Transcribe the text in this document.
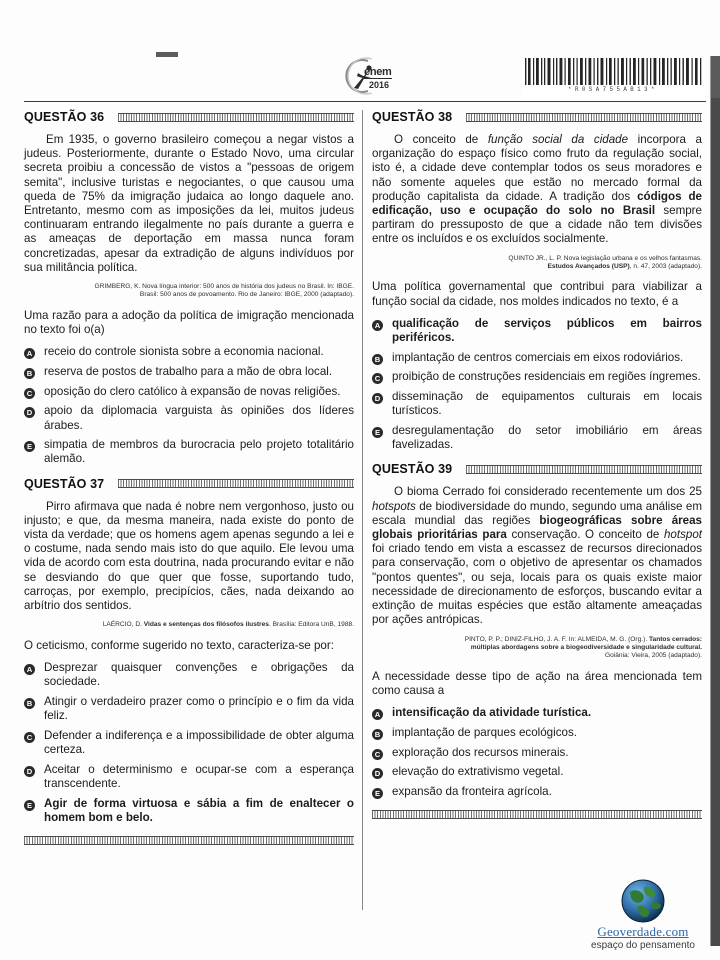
enem
2016	*R0SA755AB13*
QUESTÃO 36

Em 1935, o governo brasileiro começou a negar vistos a judeus. Posteriormente, durante o Estado Novo, uma circular secreta proibiu a concessão de vistos a "pessoas de origem semita", inclusive turistas e negociantes, o que causou uma queda de 75% da imigração judaica ao longo daquele ano. Entretanto, mesmo com as imposições da lei, muitos judeus continuaram entrando ilegalmente no país durante a guerra e as ameaças de deportação em massa nunca foram concretizadas, apesar da extradição de alguns indivíduos por sua militância política.

GRIMBERG, K. Nova língua interior: 500 anos de história dos judeus no Brasil. In: IBGE.
Brasil: 500 anos de povoamento. Rio de Janeiro: IBGE, 2000 (adaptado).

Uma razão para a adoção da política de imigração mencionada no texto foi o(a)

A	receio do controle sionista sobre a economia nacional.
B	reserva de postos de trabalho para a mão de obra local.
C	oposição do clero católico à expansão de novas religiões.
D	apoio da diplomacia varguista às opiniões dos líderes árabes.
E	simpatia de membros da burocracia pelo projeto totalitário alemão.
QUESTÃO 37

Pirro afirmava que nada é nobre nem vergonhoso, justo ou injusto; e que, da mesma maneira, nada existe do ponto de vista da verdade; que os homens agem apenas segundo a lei e o costume, nada sendo mais isto do que aquilo. Ele levou uma vida de acordo com esta doutrina, nada procurando evitar e não se desviando do que quer que fosse, suportando tudo, carroças, por exemplo, precipícios, cães, nada deixando ao arbítrio dos sentidos.

LAÉRCIO, D. Vidas e sentenças dos filósofos ilustres. Brasília: Editora UnB, 1988.

O ceticismo, conforme sugerido no texto, caracteriza-se por:

A	Desprezar quaisquer convenções e obrigações da sociedade.
B	Atingir o verdadeiro prazer como o princípio e o fim da vida feliz.
C	Defender a indiferença e a impossibilidade de obter alguma certeza.
D	Aceitar o determinismo e ocupar-se com a esperança transcendente.
E	Agir de forma virtuosa e sábia a fim de enaltecer o homem bom e belo.
QUESTÃO 38

O conceito de função social da cidade incorpora a organização do espaço físico como fruto da regulação social, isto é, a cidade deve contemplar todos os seus moradores e não somente aqueles que estão no mercado formal da produção capitalista da cidade. A tradição dos códigos de edificação, uso e ocupação do solo no Brasil sempre partiram do pressuposto de que a cidade não tem divisões entre os incluídos e os excluídos socialmente.

QUINTO JR., L. P. Nova legislação urbana e os velhos fantasmas.
Estudos Avançados (USP), n. 47, 2003 (adaptado).

Uma política governamental que contribui para viabilizar a função social da cidade, nos moldes indicados no texto, é a

A	qualificação de serviços públicos em bairros periféricos.
B	implantação de centros comerciais em eixos rodoviários.
C	proibição de construções residenciais em regiões íngremes.
D	disseminação de equipamentos culturais em locais turísticos.
E	desregulamentação do setor imobiliário em áreas favelizadas.
QUESTÃO 39

O bioma Cerrado foi considerado recentemente um dos 25 hotspots de biodiversidade do mundo, segundo uma análise em escala mundial das regiões biogeográficas sobre áreas globais prioritárias para conservação. O conceito de hotspot foi criado tendo em vista a escassez de recursos direcionados para conservação, com o objetivo de apresentar os chamados "pontos quentes", ou seja, locais para os quais existe maior necessidade de direcionamento de esforços, buscando evitar a extinção de muitas espécies que estão altamente ameaçadas por ações antrópicas.

PINTO, P. P.; DINIZ-FILHO, J. A. F. In: ALMEIDA, M. G. (Org.). Tantos cerrados:
múltiplas abordagens sobre a biogeodiversidade e singularidade cultural.
Goiânia: Vieira, 2005 (adaptado).

A necessidade desse tipo de ação na área mencionada tem como causa a

A	intensificação da atividade turística.
B	implantação de parques ecológicos.
C	exploração dos recursos minerais.
D	elevação do extrativismo vegetal.
E	expansão da fronteira agrícola.
Geoverdade.com
espaço do pensamento
